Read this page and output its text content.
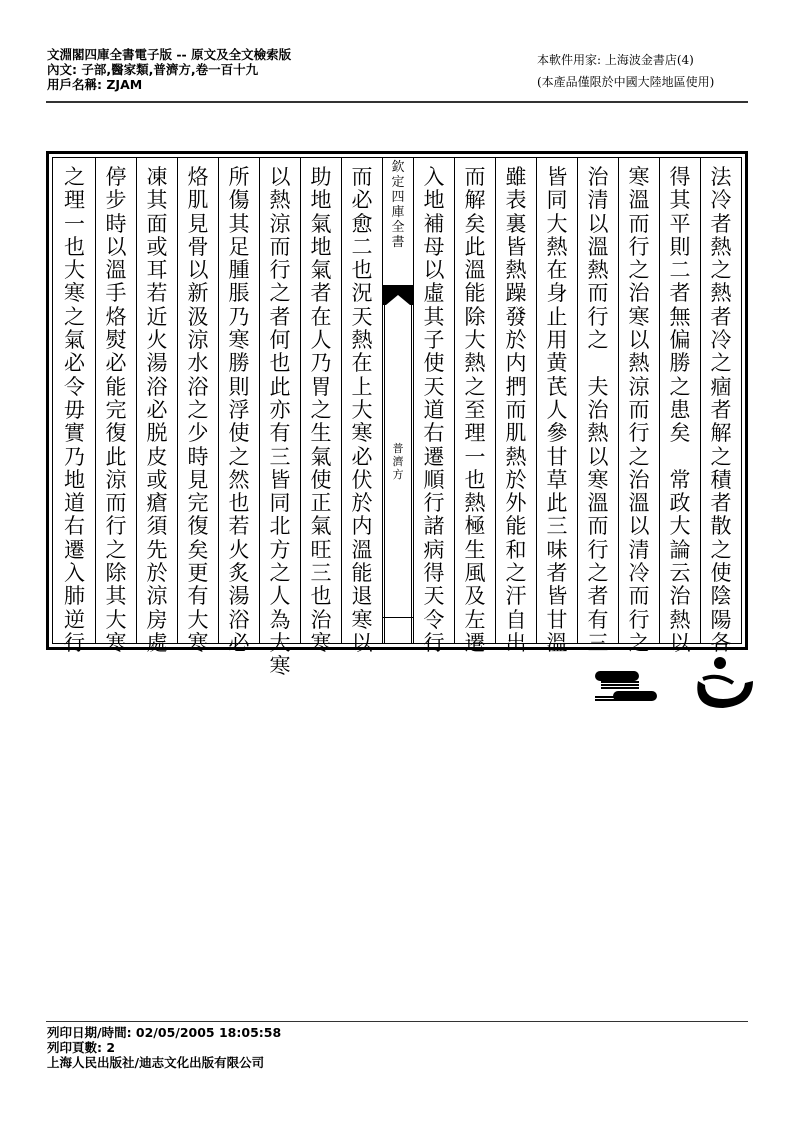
文淵閣四庫全書電子版 -- 原文及全文檢索版
內文: 子部,醫家類,普濟方,卷一百十九
用戶名稱: ZJAM
本軟件用家: 上海波金書店(4)
(本產品僅限於中國大陸地區使用)
法
冷
者
熱
之
熱
者
冷
之
痼
者
解
之
積
者
散
之
使
陰
陽
各
得
其
平
則
二
者
無
偏
勝
之
患
矣
常
政
大
論
云
治
熱
以
寒
溫
而
行
之
治
寒
以
熱
涼
而
行
之
治
溫
以
清
冷
而
行
之
治
清
以
溫
熱
而
行
之
夫
治
熱
以
寒
溫
而
行
之
者
有
三
皆
同
大
熱
在
身
止
用
黄
芪
人
參
甘
草
此
三
味
者
皆
甘
溫
雖
表
裏
皆
熱
躁
發
於
内
捫
而
肌
熱
於
外
能
和
之
汗
自
出
而
解
矣
此
溫
能
除
大
熱
之
至
理
一
也
熱
極
生
風
及
左
遷
入
地
補
母
以
虛
其
子
使
天
道
右
遷
順
行
諸
病
得
天
令
行
欽
定
四
庫
全
書
普
濟
方
而
必
愈
二
也
況
天
熱
在
上
大
寒
必
伏
於
内
溫
能
退
寒
以
助
地
氣
地
氣
者
在
人
乃
胃
之
生
氣
使
正
氣
旺
三
也
治
寒
以
熱
涼
而
行
之
者
何
也
此
亦
有
三
皆
同
北
方
之
人
為
大
寒
所
傷
其
足
腫
脹
乃
寒
勝
則
浮
使
之
然
也
若
火
炙
湯
浴
必
烙
肌
見
骨
以
新
汲
涼
水
浴
之
少
時
見
完
復
矣
更
有
大
寒
凍
其
面
或
耳
若
近
火
湯
浴
必
脱
皮
或
瘡
須
先
於
涼
房
處
停
步
時
以
溫
手
烙
熨
必
能
完
復
此
涼
而
行
之
除
其
大
寒
之
理
一
也
大
寒
之
氣
必
令
毋
實
乃
地
道
右
遷
入
肺
逆
行
列印日期/時間: 02/05/2005 18:05:58
列印頁數: 2
上海人民出版社/迪志文化出版有限公司
